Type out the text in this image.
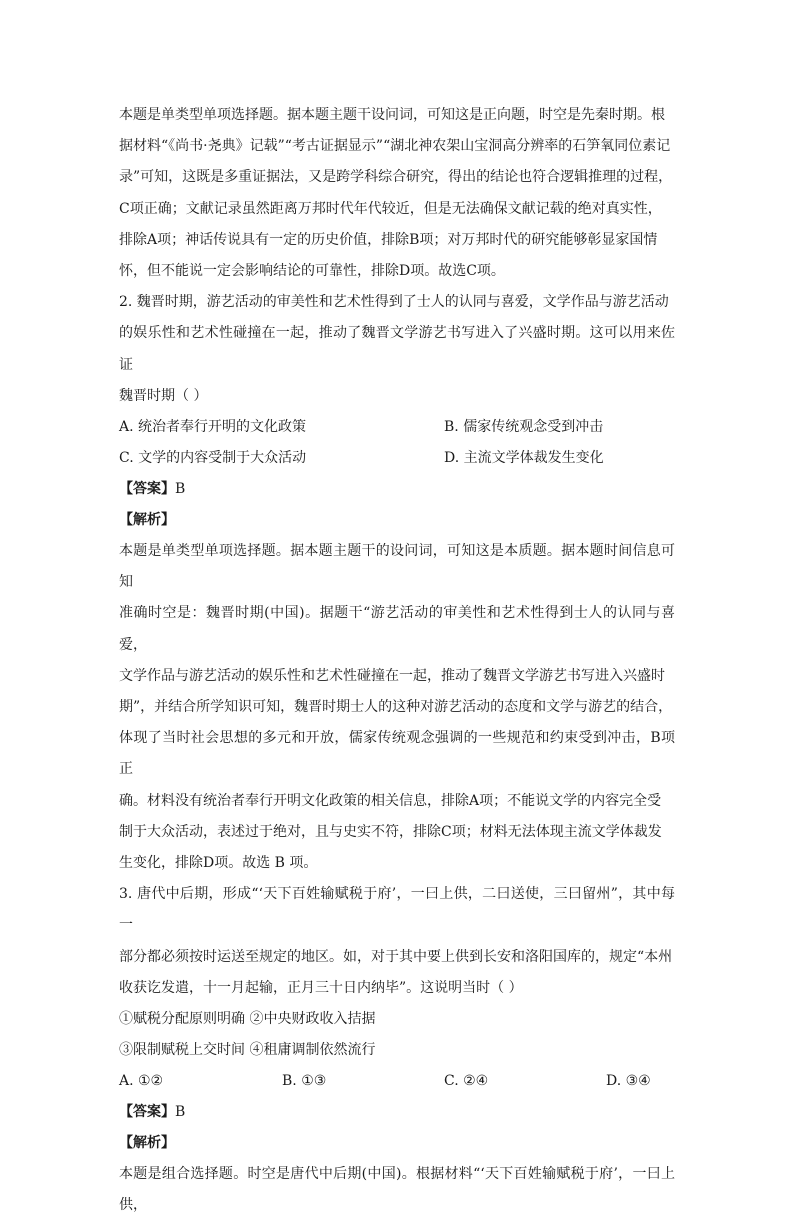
本题是单类型单项选择题。据本题主题干设问词，可知这是正向题，时空是先秦时期。根

据材料“《尚书·尧典》记载”“考古证据显示”“湖北神农架山宝洞高分辨率的石笋氧同位素记

录”可知，这既是多重证据法，又是跨学科综合研究，得出的结论也符合逻辑推理的过程，

C项正确；文献记录虽然距离万邦时代年代较近，但是无法确保文献记载的绝对真实性，

排除A项；神话传说具有一定的历史价值，排除B项；对万邦时代的研究能够彰显家国情

怀，但不能说一定会影响结论的可靠性，排除D项。故选C项。

2. 魏晋时期，游艺活动的审美性和艺术性得到了士人的认同与喜爱，文学作品与游艺活动

的娱乐性和艺术性碰撞在一起，推动了魏晋文学游艺书写进入了兴盛时期。这可以用来佐证

魏晋时期（ ）

A. 统治者奉行开明的文化政策	B. 儒家传统观念受到冲击
C. 文学的内容受制于大众活动	D. 主流文学体裁发生变化
【答案】B
【解析】

本题是单类型单项选择题。据本题主题干的设问词，可知这是本质题。据本题时间信息可知

准确时空是：魏晋时期(中国)。据题干“游艺活动的审美性和艺术性得到士人的认同与喜爱，

文学作品与游艺活动的娱乐性和艺术性碰撞在一起，推动了魏晋文学游艺书写进入兴盛时

期”，并结合所学知识可知，魏晋时期士人的这种对游艺活动的态度和文学与游艺的结合，

体现了当时社会思想的多元和开放，儒家传统观念强调的一些规范和约束受到冲击，B项正

确。材料没有统治者奉行开明文化政策的相关信息，排除A项；不能说文学的内容完全受

制于大众活动，表述过于绝对，且与史实不符，排除C项；材料无法体现主流文学体裁发

生变化，排除D项。故选 B 项。

3. 唐代中后期，形成“‘天下百姓输赋税于府’，一曰上供，二曰送使，三曰留州”，其中每一

部分都必须按时运送至规定的地区。如，对于其中要上供到长安和洛阳国库的，规定“本州

收获讫发遣，十一月起输，正月三十日内纳毕”。这说明当时（ ）

①赋税分配原则明确 ②中央财政收入拮据
③限制赋税上交时间 ④租庸调制依然流行
A. ①②	B. ①③	C. ②④	D. ③④
【答案】B
【解析】

本题是组合选择题。时空是唐代中后期(中国)。根据材料“‘天下百姓输赋税于府’，一曰上供，
